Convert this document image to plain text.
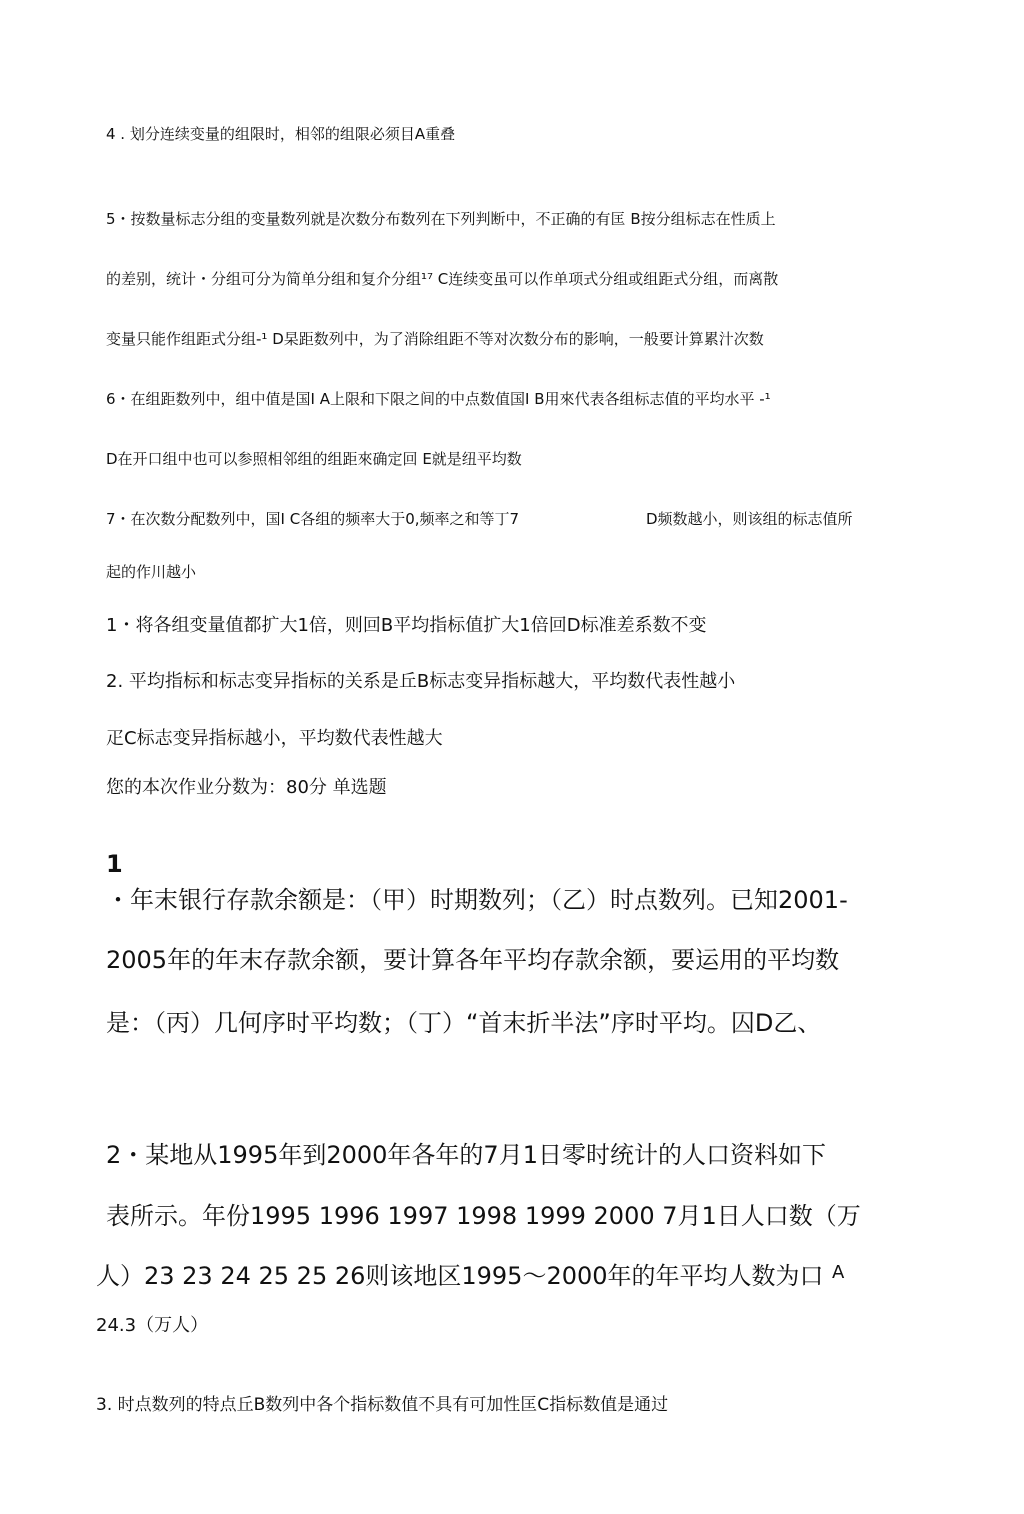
4 . 划分连续变量的组限时，相邻的组限必须目A重叠

5・按数量标志分组的变量数列就是次数分布数列在下列判断中，不正确的有匡 B按分组标志在性质上

的差别，统计・分组可分为简单分组和复介分组¹⁷ C连续变虽可以作单项式分组或组距式分组，而离散

变量只能作组距式分组-¹ D杲距数列中，为了消除组距不等对次数分布的影响，一般要计算累汁次数

6・在组距数列中，组中值是国I A上限和下限之间的中点数值国I B用來代表各组标志值的平均水平 -¹

D在开口组中也可以参照相邻组的组距來确定回 E就是纽平均数

7・在次数分配数列中，国I C各组的频率大于0,频率之和等丁7	D频数越小，则该组的标志值所

起的作川越小

1・将各组变量值都扩大1倍，则回B平均指标值扩大1倍回D标准差系数不变

2. 平均指标和标志变异指标的关系是丘B标志变异指标越大，平均数代表性越小

疋C标志变异指标越小，平均数代表性越大

您的本次作业分数为：80分 单选题

1

・年末银行存款余额是：（甲）时期数列；（乙）时点数列。已知2001-

2005年的年末存款余额，要计算各年平均存款余额，要运用的平均数

是：（丙）几何序时平均数；（丁）“首末折半法”序时平均。囚D乙、

2・某地从1995年到2000年各年的7月1日零时统计的人口资料如下

表所示。年份1995 1996 1997 1998 1999 2000 7月1日人口数（万

人）23 23 24 25 25 26则该地区1995～2000年的年平均人数为口 A

24.3（万人）

3. 时点数列的特点丘B数列中各个指标数值不具有可加性匡C指标数值是通过
